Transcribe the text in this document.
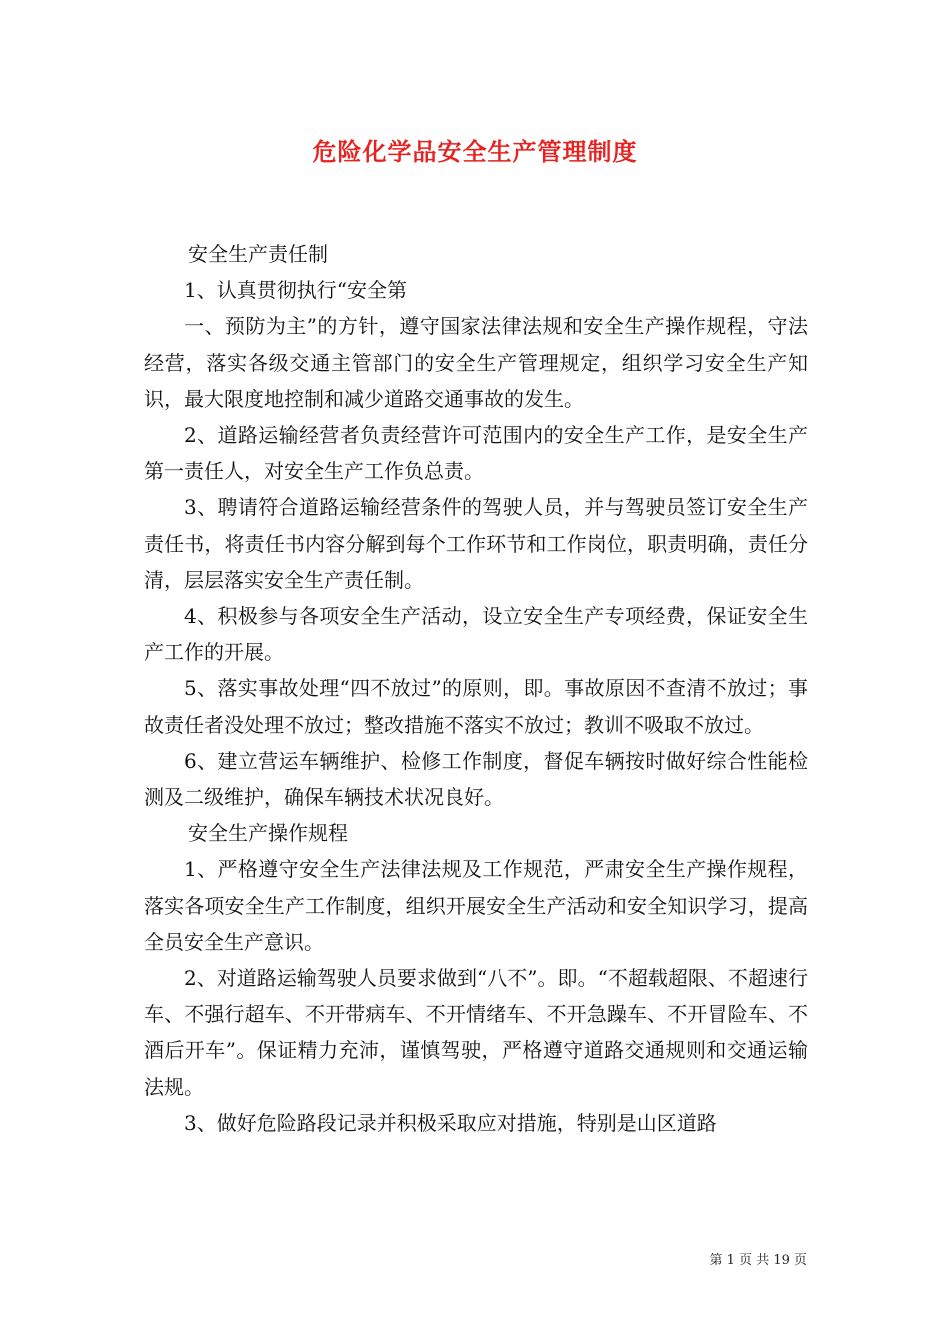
危险化学品安全生产管理制度

安全生产责任制

1、认真贯彻执行“安全第

一、预防为主”的方针，遵守国家法律法规和安全生产操作规程，守法经营，落实各级交通主管部门的安全生产管理规定，组织学习安全生产知识，最大限度地控制和减少道路交通事故的发生。

2、道路运输经营者负责经营许可范围内的安全生产工作，是安全生产第一责任人，对安全生产工作负总责。

3、聘请符合道路运输经营条件的驾驶人员，并与驾驶员签订安全生产责任书，将责任书内容分解到每个工作环节和工作岗位，职责明确，责任分清，层层落实安全生产责任制。

4、积极参与各项安全生产活动，设立安全生产专项经费，保证安全生产工作的开展。

5、落实事故处理“四不放过”的原则，即。事故原因不查清不放过；事故责任者没处理不放过；整改措施不落实不放过；教训不吸取不放过。

6、建立营运车辆维护、检修工作制度，督促车辆按时做好综合性能检测及二级维护，确保车辆技术状况良好。

安全生产操作规程

1、严格遵守安全生产法律法规及工作规范，严肃安全生产操作规程，落实各项安全生产工作制度，组织开展安全生产活动和安全知识学习，提高全员安全生产意识。

2、对道路运输驾驶人员要求做到“八不”。即。“不超载超限、不超速行车、不强行超车、不开带病车、不开情绪车、不开急躁车、不开冒险车、不酒后开车”。保证精力充沛，谨慎驾驶，严格遵守道路交通规则和交通运输法规。

3、做好危险路段记录并积极采取应对措施，特别是山区道路

第 1 页 共 19 页
